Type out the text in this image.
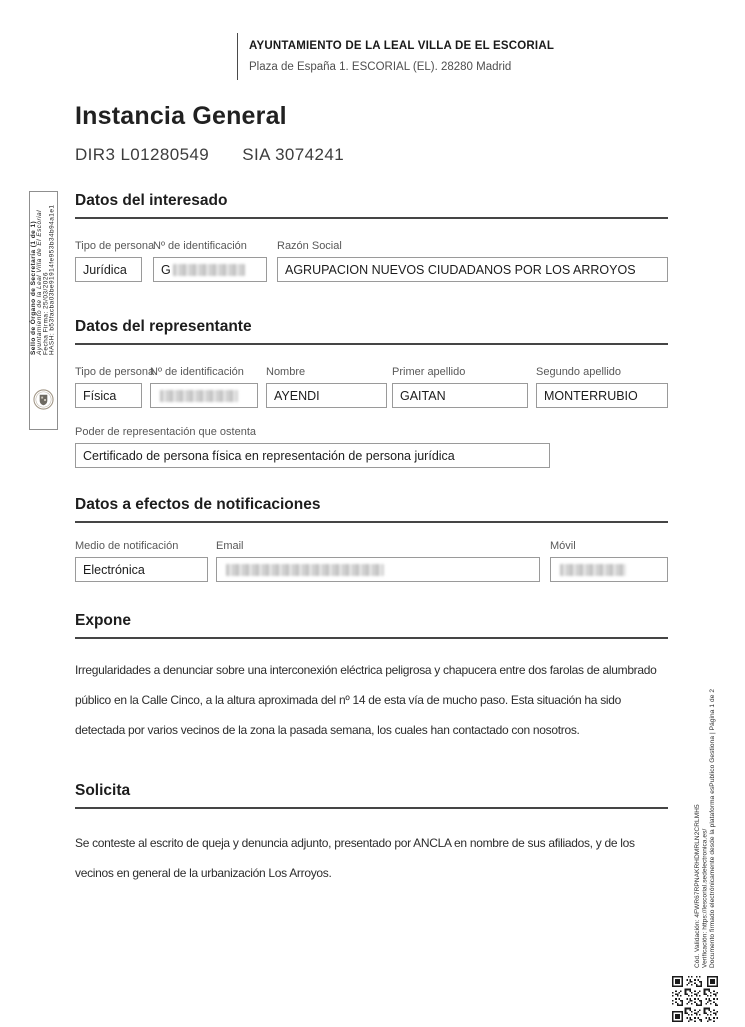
AYUNTAMIENTO DE LA LEAL VILLA DE EL ESCORIAL
Plaza de España 1. ESCORIAL (EL). 28280 Madrid
Instancia General
DIR3 L01280549 SIA 3074241
Datos del interesado
Tipo de persona
Jurídica
Nº de identificación
G
Razón Social
AGRUPACION NUEVOS CIUDADANOS POR LOS ARROYOS
Datos del representante
Tipo de persona
Física
Nº de identificación	Nombre
AYENDI
Primer apellido
GAITAN
Segundo apellido
MONTERRUBIO
Poder de representación que ostenta
Certificado de persona física en representación de persona jurídica
Datos a efectos de notificaciones
Medio de notificación
Electrónica
Email	Móvil
Expone

Irregularidades a denunciar sobre una interconexión eléctrica peligrosa y chapucera entre dos farolas de alumbrado público en la Calle Cinco, a la altura aproximada del nº 14 de esta vía de mucho paso. Esta situación ha sido detectada por varios vecinos de la zona la pasada semana, los cuales han contactado con nosotros.

Solicita

Se conteste al escrito de queja y denuncia adjunto, presentado por ANCLA en nombre de sus afiliados, y de los vecinos en general de la urbanización Los Arroyos.

Sello de Órgano de Secretaría (1 de 1) Ayuntamiento de la Leal Villa de El Escorial Fecha Firma: 25/03/2026 HASH: b53facba03be91914fe953b34b94a1e1
Cód. Validación: 4FWR67RPNAKRHDMRLN2CRLMH5 Verificación: https://lescorial.sedelectronica.es/ Documento firmado electrónicamente desde la plataforma esPublico Gestiona | Página 1 de 2
